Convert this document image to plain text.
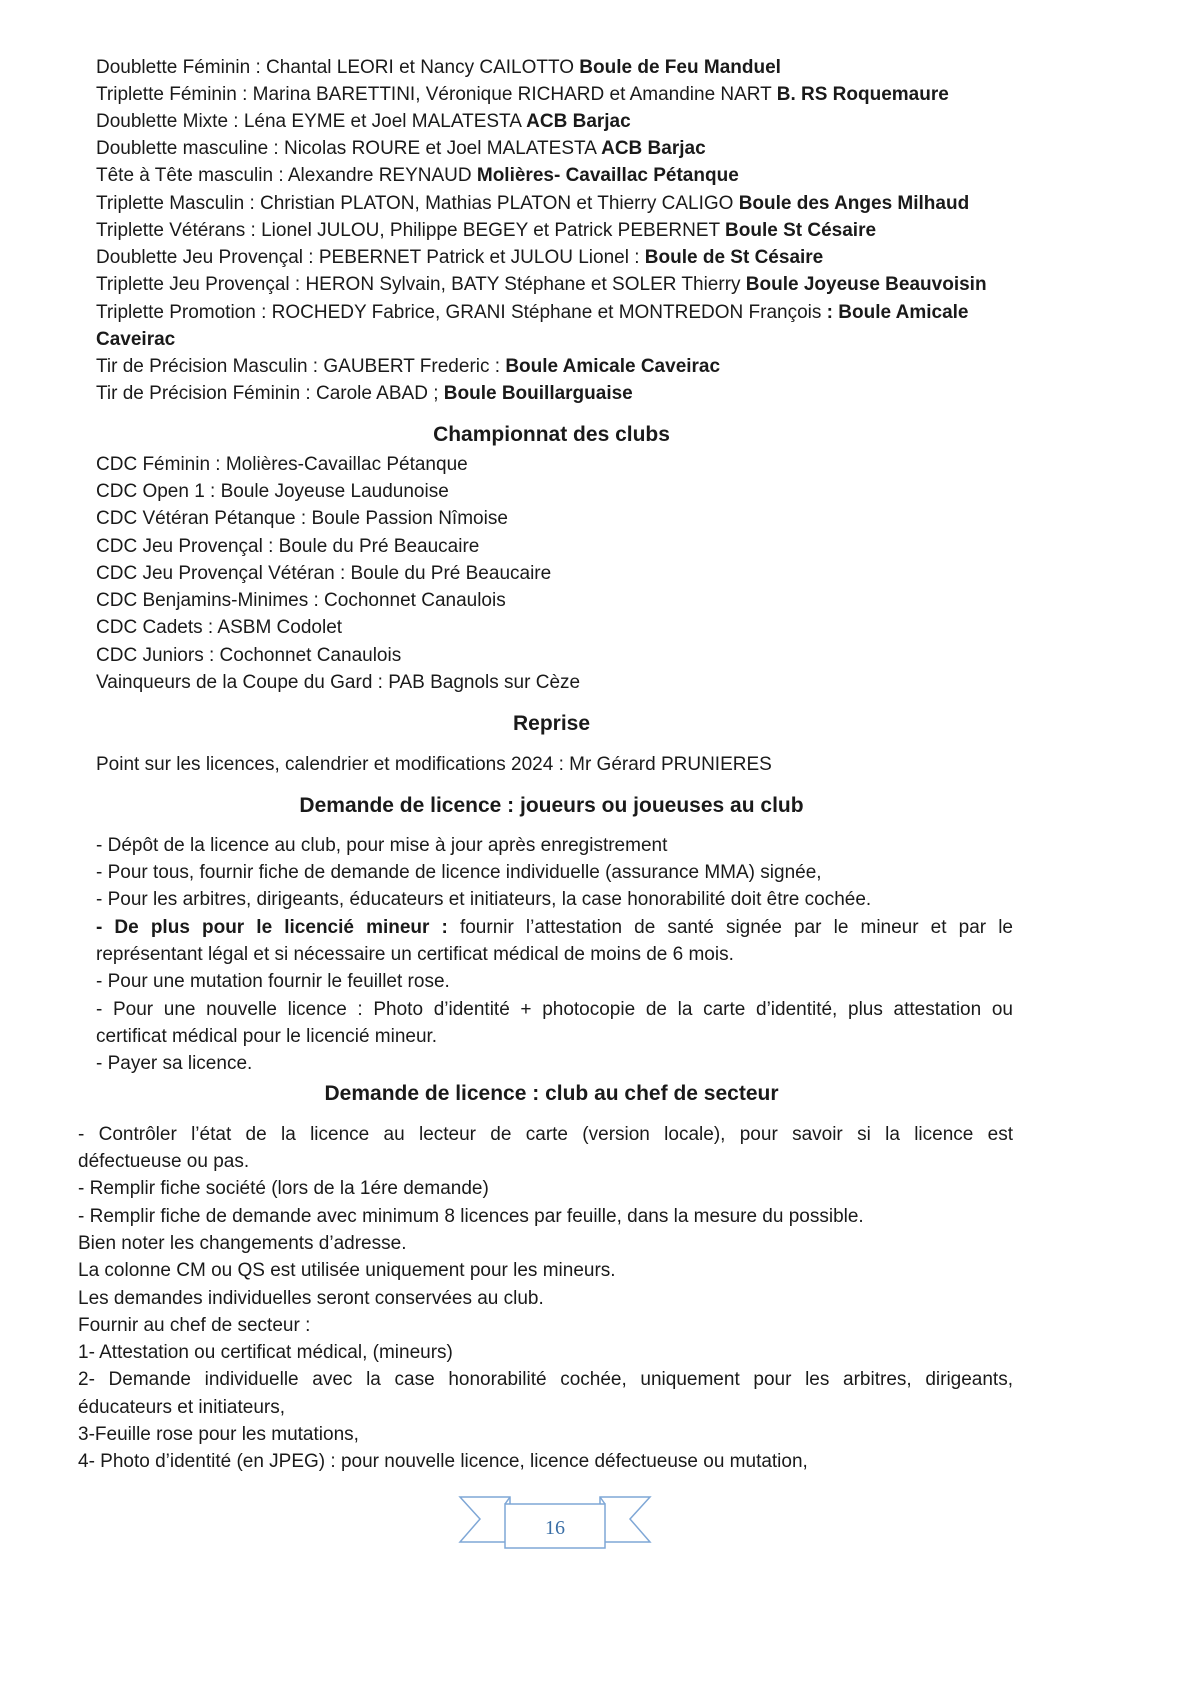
Doublette Féminin : Chantal LEORI et Nancy CAILOTTO Boule de Feu Manduel
Triplette Féminin : Marina BARETTINI, Véronique RICHARD et Amandine NART B. RS Roquemaure
Doublette Mixte : Léna EYME et Joel MALATESTA ACB Barjac
Doublette masculine : Nicolas ROURE et Joel MALATESTA ACB Barjac
Tête à Tête masculin : Alexandre REYNAUD Molières- Cavaillac Pétanque
Triplette Masculin : Christian PLATON, Mathias PLATON et Thierry CALIGO Boule des Anges Milhaud
Triplette Vétérans : Lionel JULOU, Philippe BEGEY et Patrick PEBERNET Boule St Césaire
Doublette Jeu Provençal : PEBERNET Patrick et JULOU Lionel : Boule de St Césaire
Triplette Jeu Provençal : HERON Sylvain, BATY Stéphane et SOLER Thierry Boule Joyeuse Beauvoisin
Triplette Promotion : ROCHEDY Fabrice, GRANI Stéphane et MONTREDON François : Boule Amicale
Caveirac
Tir de Précision Masculin : GAUBERT Frederic : Boule Amicale Caveirac
Tir de Précision Féminin : Carole ABAD ; Boule Bouillarguaise
Championnat des clubs
CDC Féminin : Molières-Cavaillac Pétanque
CDC Open 1 : Boule Joyeuse Laudunoise
CDC Vétéran Pétanque : Boule Passion Nîmoise
CDC Jeu Provençal : Boule du Pré Beaucaire
CDC Jeu Provençal Vétéran : Boule du Pré Beaucaire
CDC Benjamins-Minimes : Cochonnet Canaulois
CDC Cadets : ASBM Codolet
CDC Juniors : Cochonnet Canaulois
Vainqueurs de la Coupe du Gard : PAB Bagnols sur Cèze
Reprise
Point sur les licences, calendrier et modifications 2024 : Mr Gérard PRUNIERES
Demande de licence : joueurs ou joueuses au club
- Dépôt de la licence au club, pour mise à jour après enregistrement
- Pour tous, fournir fiche de demande de licence individuelle (assurance MMA) signée,
- Pour les arbitres, dirigeants, éducateurs et initiateurs, la case honorabilité doit être cochée.
- De plus pour le licencié mineur : fournir l’attestation de santé signée par le mineur et par le
représentant légal et si nécessaire un certificat médical de moins de 6 mois.
- Pour une mutation fournir le feuillet rose.
- Pour une nouvelle licence : Photo d’identité + photocopie de la carte d’identité, plus attestation ou
certificat médical pour le licencié mineur.
- Payer sa licence.
Demande de licence : club au chef de secteur
- Contrôler l’état de la licence au lecteur de carte (version locale), pour savoir si la licence est
défectueuse ou pas.
- Remplir fiche société (lors de la 1ére demande)
- Remplir fiche de demande avec minimum 8 licences par feuille, dans la mesure du possible.
Bien noter les changements d’adresse.
La colonne CM ou QS est utilisée uniquement pour les mineurs.
Les demandes individuelles seront conservées au club.
Fournir au chef de secteur :
1- Attestation ou certificat médical, (mineurs)
2- Demande individuelle avec la case honorabilité cochée, uniquement pour les arbitres, dirigeants,
éducateurs et initiateurs,
3-Feuille rose pour les mutations,
4- Photo d’identité (en JPEG) : pour nouvelle licence, licence défectueuse ou mutation,
16
